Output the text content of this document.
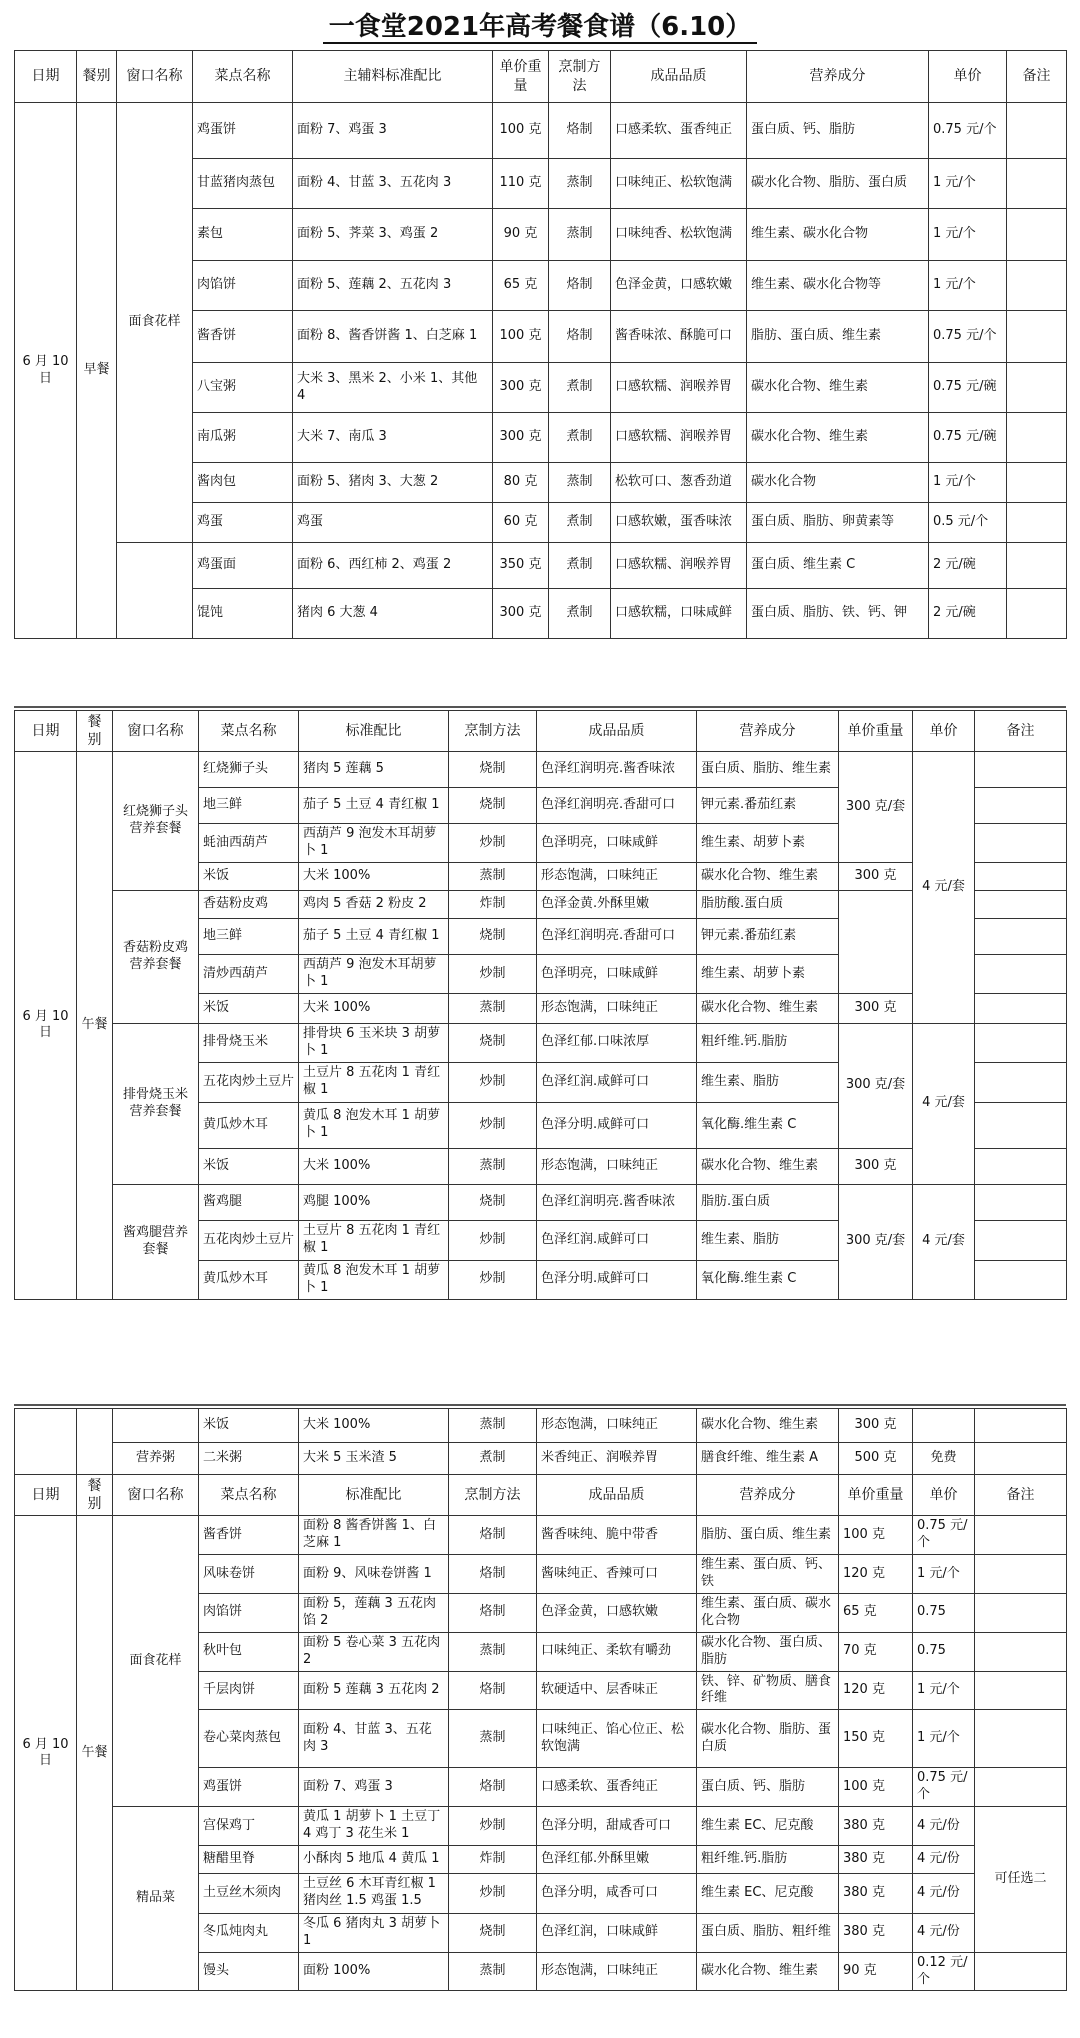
一食堂2021年高考餐食谱（6.10）
日期	餐别	窗口名称	菜点名称	主辅料标准配比	单价重量	烹制方法	成品品质	营养成分	单价	备注
6 月 10 日	早餐	面食花样	鸡蛋饼	面粉 7、鸡蛋 3	100 克	烙制	口感柔软、蛋香纯正	蛋白质、钙、脂肪	0.75 元/个	
			甘蓝猪肉蒸包	面粉 4、甘蓝 3、五花肉 3	110 克	蒸制	口味纯正、松软饱满	碳水化合物、脂肪、蛋白质	1 元/个	
			素包	面粉 5、荠菜 3、鸡蛋 2	90 克	蒸制	口味纯香、松软饱满	维生素、碳水化合物	1 元/个	
			肉馅饼	面粉 5、莲藕 2、五花肉 3	65 克	烙制	色泽金黄，口感软嫩	维生素、碳水化合物等	1 元/个	
			酱香饼	面粉 8、酱香饼酱 1、白芝麻 1	100 克	烙制	酱香味浓、酥脆可口	脂肪、蛋白质、维生素	0.75 元/个	
			八宝粥	大米 3、黑米 2、小米 1、其他 4	300 克	煮制	口感软糯、润喉养胃	碳水化合物、维生素	0.75 元/碗	
			南瓜粥	大米 7、南瓜 3	300 克	煮制	口感软糯、润喉养胃	碳水化合物、维生素	0.75 元/碗	
			酱肉包	面粉 5、猪肉 3、大葱 2	80 克	蒸制	松软可口、葱香劲道	碳水化合物	1 元/个	
			鸡蛋	鸡蛋	60 克	煮制	口感软嫩，蛋香味浓	蛋白质、脂肪、卵黄素等	0.5 元/个	
			鸡蛋面	面粉 6、西红柿 2、鸡蛋 2	350 克	煮制	口感软糯、润喉养胃	蛋白质、维生素 C	2 元/碗	
			馄饨	猪肉 6 大葱 4	300 克	煮制	口感软糯，口味咸鲜	蛋白质、脂肪、铁、钙、钾	2 元/碗	
日期	餐别	窗口名称	菜点名称	标准配比	烹制方法	成品品质	营养成分	单价重量	单价	备注
6 月 10 日	午餐	红烧狮子头营养套餐	红烧狮子头	猪肉 5 莲藕 5	烧制	色泽红润明亮.酱香味浓	蛋白质、脂肪、维生素	300 克/套	4 元/套	
			地三鲜	茄子 5 土豆 4 青红椒 1	烧制	色泽红润明亮.香甜可口	钾元素.番茄红素			
			蚝油西葫芦	西葫芦 9 泡发木耳胡萝卜 1	炒制	色泽明亮，口味咸鲜	维生素、胡萝卜素			
			米饭	大米 100%	蒸制	形态饱满，口味纯正	碳水化合物、维生素	300 克		
		香菇粉皮鸡营养套餐	香菇粉皮鸡	鸡肉 5 香菇 2 粉皮 2	炸制	色泽金黄.外酥里嫩	脂肪酸.蛋白质			
			地三鲜	茄子 5 土豆 4 青红椒 1	烧制	色泽红润明亮.香甜可口	钾元素.番茄红素			
			清炒西葫芦	西葫芦 9 泡发木耳胡萝卜 1	炒制	色泽明亮，口味咸鲜	维生素、胡萝卜素			
			米饭	大米 100%	蒸制	形态饱满，口味纯正	碳水化合物、维生素	300 克		
		排骨烧玉米营养套餐	排骨烧玉米	排骨块 6 玉米块 3 胡萝卜 1	烧制	色泽红郁.口味浓厚	粗纤维.钙.脂肪	300 克/套	4 元/套	
			五花肉炒土豆片	土豆片 8 五花肉 1 青红椒 1	炒制	色泽红润.咸鲜可口	维生素、脂肪			
			黄瓜炒木耳	黄瓜 8 泡发木耳 1 胡萝卜 1	炒制	色泽分明.咸鲜可口	氧化酶.维生素 C			
			米饭	大米 100%	蒸制	形态饱满，口味纯正	碳水化合物、维生素	300 克		
		酱鸡腿营养套餐	酱鸡腿	鸡腿 100%	烧制	色泽红润明亮.酱香味浓	脂肪.蛋白质	300 克/套	4 元/套	
			五花肉炒土豆片	土豆片 8 五花肉 1 青红椒 1	炒制	色泽红润.咸鲜可口	维生素、脂肪			
			黄瓜炒木耳	黄瓜 8 泡发木耳 1 胡萝卜 1	炒制	色泽分明.咸鲜可口	氧化酶.维生素 C			
			米饭	大米 100%	蒸制	形态饱满，口味纯正	碳水化合物、维生素	300 克		
		营养粥	二米粥	大米 5 玉米渣 5	煮制	米香纯正、润喉养胃	膳食纤维、维生素 A	500 克	免费	
日期	餐别	窗口名称	菜点名称	标准配比	烹制方法	成品品质	营养成分	单价重量	单价	备注
6 月 10 日	午餐	面食花样	酱香饼	面粉 8 酱香饼酱 1、白芝麻 1	烙制	酱香味纯、脆中带香	脂肪、蛋白质、维生素	100 克	0.75 元/个	
			风味卷饼	面粉 9、风味卷饼酱 1	烙制	酱味纯正、香辣可口	维生素、蛋白质、钙、铁	120 克	1 元/个	
			肉馅饼	面粉 5，莲藕 3 五花肉馅 2	烙制	色泽金黄，口感软嫩	维生素、蛋白质、碳水化合物	65 克	0.75	
			秋叶包	面粉 5 卷心菜 3 五花肉 2	蒸制	口味纯正、柔软有嚼劲	碳水化合物、蛋白质、脂肪	70 克	0.75	
			千层肉饼	面粉 5 莲藕 3 五花肉 2	烙制	软硬适中、层香味正	铁、锌、矿物质、膳食纤维	120 克	1 元/个	
			卷心菜肉蒸包	面粉 4、甘蓝 3、五花肉 3	蒸制	口味纯正、馅心位正、松软饱满	碳水化合物、脂肪、蛋白质	150 克	1 元/个	
			鸡蛋饼	面粉 7、鸡蛋 3	烙制	口感柔软、蛋香纯正	蛋白质、钙、脂肪	100 克	0.75 元/个	
		精品菜	宫保鸡丁	黄瓜 1 胡萝卜 1 土豆丁 4 鸡丁 3 花生米 1	炒制	色泽分明，甜咸香可口	维生素 EC、尼克酸	380 克	4 元/份	可任选二
			糖醋里脊	小酥肉 5 地瓜 4 黄瓜 1	炸制	色泽红郁.外酥里嫩	粗纤维.钙.脂肪	380 克	4 元/份	
			土豆丝木须肉	土豆丝 6 木耳青红椒 1 猪肉丝 1.5 鸡蛋 1.5	炒制	色泽分明，咸香可口	维生素 EC、尼克酸	380 克	4 元/份	
			冬瓜炖肉丸	冬瓜 6 猪肉丸 3 胡萝卜 1	烧制	色泽红润，口味咸鲜	蛋白质、脂肪、粗纤维	380 克	4 元/份	
			馒头	面粉 100%	蒸制	形态饱满，口味纯正	碳水化合物、维生素	90 克	0.12 元/个	
